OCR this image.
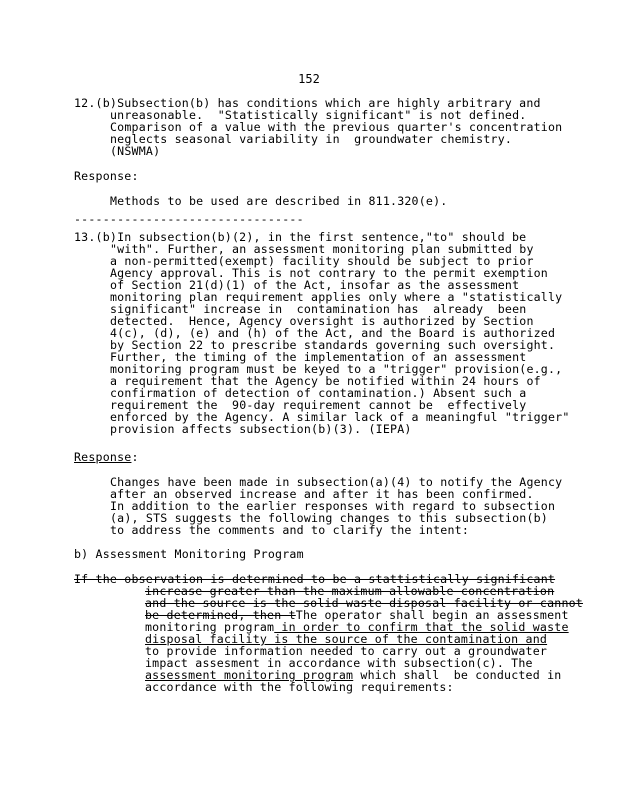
152
12.(b)Subsection(b) has conditions which are highly arbitrary and
unreasonable.  "Statistically significant" is not defined.
Comparison of a value with the previous quarter's concentration
neglects seasonal variability in  groundwater chemistry.
(NSWMA)
Response:
Methods to be used are described in 811.320(e).
--------------------------------
13.(b)In subsection(b)(2), in the first sentence,"to" should be
"with". Further, an assessment monitoring plan submitted by
a non-permitted(exempt) facility should be subject to prior
Agency approval. This is not contrary to the permit exemption
of Section 21(d)(1) of the Act, insofar as the assessment
monitoring plan requirement applies only where a "statistically
significant" increase in  contamination has  already  been
detected.  Hence, Agency oversight is authorized by Section
4(c), (d), (e) and (h) of the Act, and the Board is authorized
by Section 22 to prescribe standards governing such oversight.
Further, the timing of the implementation of an assessment
monitoring program must be keyed to a "trigger" provision(e.g.,
a requirement that the Agency be notified within 24 hours of
confirmation of detection of contamination.) Absent such a
requirement the  90-day requirement cannot be  effectively
enforced by the Agency. A similar lack of a meaningful "trigger"
provision affects subsection(b)(3). (IEPA)
Response:
Changes have been made in subsection(a)(4) to notify the Agency
after an observed increase and after it has been confirmed.
In addition to the earlier responses with regard to subsection
(a), STS suggests the following changes to this subsection(b)
to address the comments and to clarify the intent:
b) Assessment Monitoring Program
If the observation is determined to be a stattistically significant
increase greater than the maximum allowable concentration
and the source is the solid waste disposal facility or cannot
be determined, then tThe operator shall begin an assessment
monitoring program in order to confirm that the solid waste
disposal facility is the source of the contamination and
to provide information needed to carry out a groundwater
impact assesment in accordance with subsection(c). The
assessment monitoring program which shall  be conducted in
accordance with the following requirements:
